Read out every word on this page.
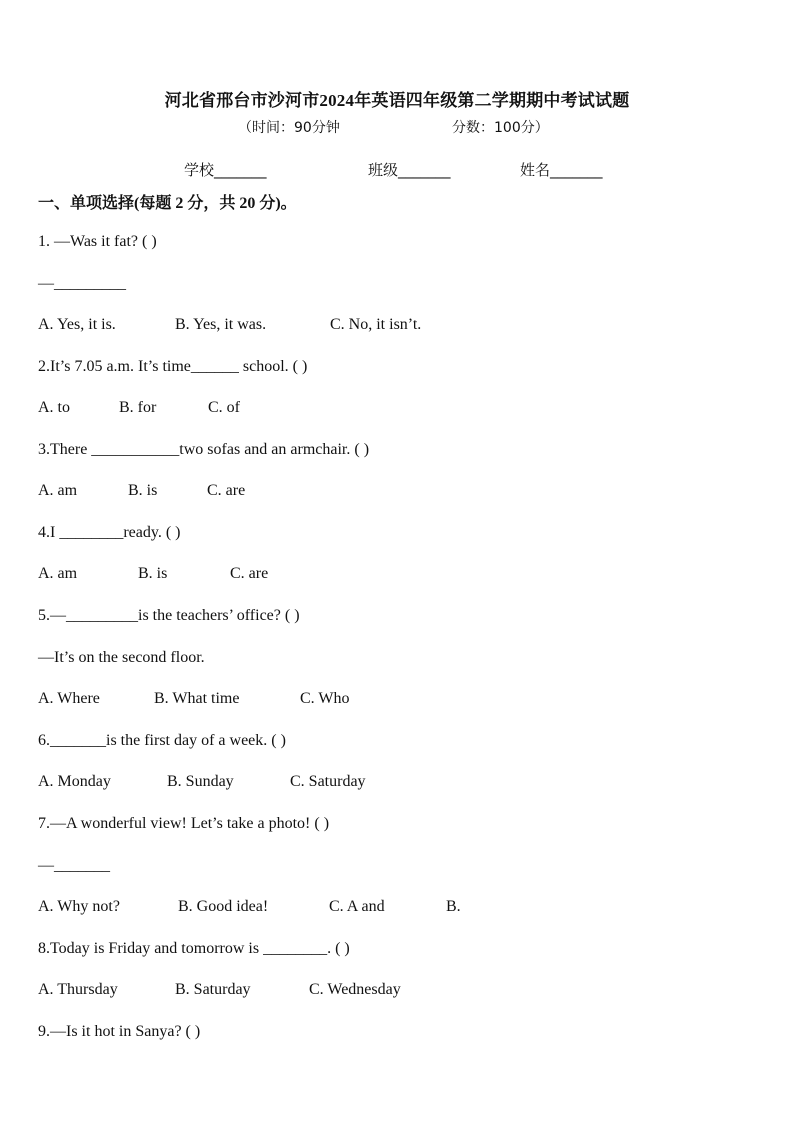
河北省邢台市沙河市2024年英语四年级第二学期期中考试试题
（时间：90分钟	分数：100分）
学校_______	班级_______	姓名_______
一、单项选择(每题 2 分，共 20 分)。
1. —Was it fat? ( )
—_________
A. Yes, it is.	B. Yes, it was.	C. No, it isn’t.
2.It’s 7.05 a.m. It’s time______ school. ( )
A. to	B. for	C. of
3.There ___________two sofas and an armchair. ( )
A. am	B. is	C. are
4.I ________ready. ( )
A. am	B. is	C. are
5.—_________is the teachers’ office? ( )
—It’s on the second floor.
A. Where	B. What time	C. Who
6._______is the first day of a week. ( )
A. Monday	B. Sunday	C. Saturday
7.—A wonderful view! Let’s take a photo! ( )
—_______
A. Why not?	B. Good idea!	C. A and	B.
8.Today is Friday and tomorrow is ________. ( )
A. Thursday	B. Saturday	C. Wednesday
9.—Is it hot in Sanya? ( )
